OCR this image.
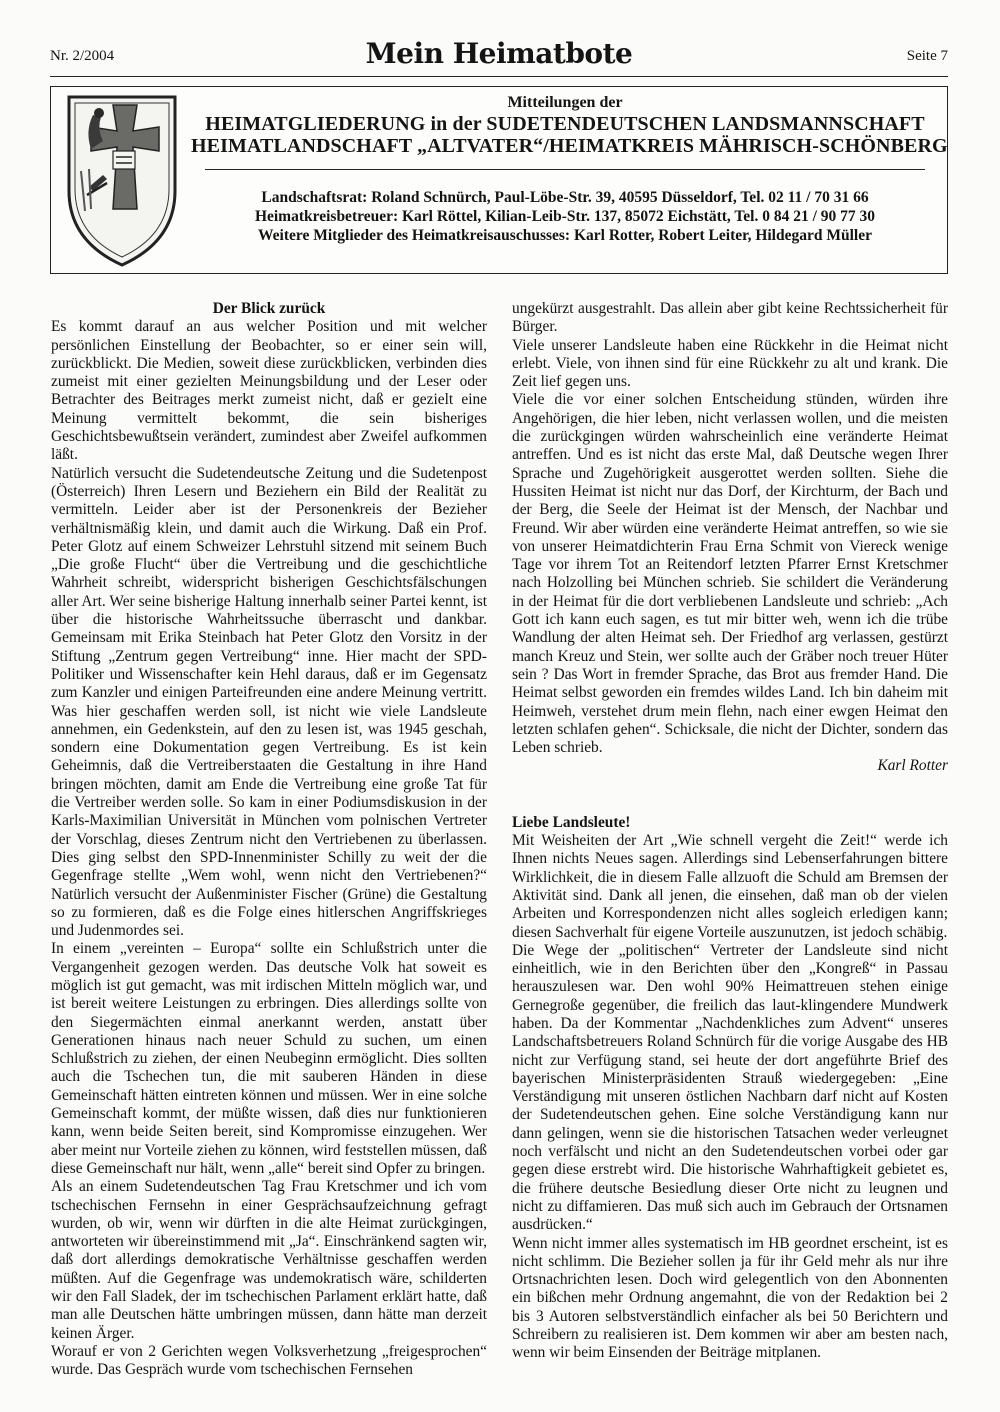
Nr. 2/2004	Mein Heimatbote	Seite 7
Mitteilungen der
HEIMATGLIEDERUNG in der SUDETENDEUTSCHEN LANDSMANNSCHAFT
HEIMATLANDSCHAFT „ALTVATER“/HEIMATKREIS MÄHRISCH-SCHÖNBERG
Landschaftsrat: Roland Schnürch, Paul-Löbe-Str. 39, 40595 Düsseldorf, Tel. 02 11 / 70 31 66
Heimatkreisbetreuer: Karl Röttel, Kilian-Leib-Str. 137, 85072 Eichstätt, Tel. 0 84 21 / 90 77 30
Weitere Mitglieder des Heimatkreisauschusses: Karl Rotter, Robert Leiter, Hildegard Müller
Der Blick zurück

Es kommt darauf an aus welcher Position und mit welcher persönlichen Einstellung der Beobachter, so er einer sein will, zurückblickt. Die Medien, soweit diese zurückblicken, verbinden dies zumeist mit einer gezielten Meinungsbildung und der Leser oder Betrachter des Beitrages merkt zumeist nicht, daß er gezielt eine Meinung vermittelt bekommt, die sein bisheriges Geschichtsbewußtsein verändert, zumindest aber Zweifel aufkommen läßt.

Natürlich versucht die Sudetendeutsche Zeitung und die Sudetenpost (Österreich) Ihren Lesern und Beziehern ein Bild der Realität zu vermitteln. Leider aber ist der Personenkreis der Bezieher verhältnismäßig klein, und damit auch die Wirkung. Daß ein Prof. Peter Glotz auf einem Schweizer Lehrstuhl sitzend mit seinem Buch „Die große Flucht“ über die Vertreibung und die geschichtliche Wahrheit schreibt, widerspricht bisherigen Geschichtsfälschungen aller Art. Wer seine bisherige Haltung innerhalb seiner Partei kennt, ist über die historische Wahrheitssuche überrascht und dankbar. Gemeinsam mit Erika Steinbach hat Peter Glotz den Vorsitz in der Stiftung „Zentrum gegen Vertreibung“ inne. Hier macht der SPD-Politiker und Wissenschafter kein Hehl daraus, daß er im Gegensatz zum Kanzler und einigen Parteifreunden eine andere Meinung vertritt. Was hier geschaffen werden soll, ist nicht wie viele Landsleute annehmen, ein Gedenkstein, auf den zu lesen ist, was 1945 geschah, sondern eine Dokumentation gegen Vertreibung. Es ist kein Geheimnis, daß die Vertreiberstaaten die Gestaltung in ihre Hand bringen möchten, damit am Ende die Vertreibung eine große Tat für die Vertreiber werden solle. So kam in einer Podiumsdiskusion in der Karls-Maximilian Universität in München vom polnischen Vertreter der Vorschlag, dieses Zentrum nicht den Vertriebenen zu überlassen. Dies ging selbst den SPD-Innenminister Schilly zu weit der die Gegenfrage stellte „Wem wohl, wenn nicht den Vertriebenen?“ Natürlich versucht der Außenminister Fischer (Grüne) die Gestaltung so zu formieren, daß es die Folge eines hitlerschen Angriffskrieges und Judenmordes sei.

In einem „vereinten – Europa“ sollte ein Schlußstrich unter die Vergangenheit gezogen werden. Das deutsche Volk hat soweit es möglich ist gut gemacht, was mit irdischen Mitteln möglich war, und ist bereit weitere Leistungen zu erbringen. Dies allerdings sollte von den Siegermächten einmal anerkannt werden, anstatt über Generationen hinaus nach neuer Schuld zu suchen, um einen Schlußstrich zu ziehen, der einen Neubeginn ermöglicht. Dies sollten auch die Tschechen tun, die mit sauberen Händen in diese Gemeinschaft hätten eintreten können und müssen. Wer in eine solche Gemeinschaft kommt, der müßte wissen, daß dies nur funktionieren kann, wenn beide Seiten bereit, sind Kompromisse einzugehen. Wer aber meint nur Vorteile ziehen zu können, wird feststellen müssen, daß diese Gemeinschaft nur hält, wenn „alle“ bereit sind Opfer zu bringen.

Als an einem Sudetendeutschen Tag Frau Kretschmer und ich vom tschechischen Fernsehn in einer Gesprächsaufzeichnung gefragt wurden, ob wir, wenn wir dürften in die alte Heimat zurückgingen, antworteten wir übereinstimmend mit „Ja“. Einschränkend sagten wir, daß dort allerdings demokratische Verhältnisse geschaffen werden müßten. Auf die Gegenfrage was undemokratisch wäre, schilderten wir den Fall Sladek, der im tschechischen Parlament erklärt hatte, daß man alle Deutschen hätte umbringen müssen, dann hätte man derzeit keinen Ärger.

Worauf er von 2 Gerichten wegen Volksverhetzung „freigesprochen“ wurde. Das Gespräch wurde vom tschechischen Fernsehen

ungekürzt ausgestrahlt. Das allein aber gibt keine Rechtssicherheit für Bürger.

Viele unserer Landsleute haben eine Rückkehr in die Heimat nicht erlebt. Viele, von ihnen sind für eine Rückkehr zu alt und krank. Die Zeit lief gegen uns.

Viele die vor einer solchen Entscheidung stünden, würden ihre Angehörigen, die hier leben, nicht verlassen wollen, und die meisten die zurückgingen würden wahrscheinlich eine veränderte Heimat antreffen. Und es ist nicht das erste Mal, daß Deutsche wegen Ihrer Sprache und Zugehörigkeit ausgerottet werden sollten. Siehe die Hussiten Heimat ist nicht nur das Dorf, der Kirchturm, der Bach und der Berg, die Seele der Heimat ist der Mensch, der Nachbar und Freund. Wir aber würden eine veränderte Heimat antreffen, so wie sie von unserer Heimatdichterin Frau Erna Schmit von Viereck wenige Tage vor ihrem Tot an Reitendorf letzten Pfarrer Ernst Kretschmer nach Holzolling bei München schrieb. Sie schildert die Veränderung in der Heimat für die dort verbliebenen Landsleute und schrieb: „Ach Gott ich kann euch sagen, es tut mir bitter weh, wenn ich die trübe Wandlung der alten Heimat seh. Der Friedhof arg verlassen, gestürzt manch Kreuz und Stein, wer sollte auch der Gräber noch treuer Hüter sein ? Das Wort in fremder Sprache, das Brot aus fremder Hand. Die Heimat selbst geworden ein fremdes wildes Land. Ich bin daheim mit Heimweh, verstehet drum mein flehn, nach einer ewgen Heimat den letzten schlafen gehen“. Schicksale, die nicht der Dichter, sondern das Leben schrieb.

Karl Rotter

Liebe Landsleute!

Mit Weisheiten der Art „Wie schnell vergeht die Zeit!“ werde ich Ihnen nichts Neues sagen. Allerdings sind Lebenserfahrungen bittere Wirklichkeit, die in diesem Falle allzuoft die Schuld am Bremsen der Aktivität sind. Dank all jenen, die einsehen, daß man ob der vielen Arbeiten und Korrespondenzen nicht alles sogleich erledigen kann; diesen Sachverhalt für eigene Vorteile auszunutzen, ist jedoch schäbig.

Die Wege der „politischen“ Vertreter der Landsleute sind nicht einheitlich, wie in den Berichten über den „Kongreß“ in Passau herauszulesen war. Den wohl 90% Heimattreuen stehen einige Gernegroße gegenüber, die freilich das laut-klingendere Mundwerk haben. Da der Kommentar „Nachdenkliches zum Advent“ unseres Landschaftsbetreuers Roland Schnürch für die vorige Ausgabe des HB nicht zur Verfügung stand, sei heute der dort angeführte Brief des bayerischen Ministerpräsidenten Strauß wiedergegeben: „Eine Verständigung mit unseren östlichen Nachbarn darf nicht auf Kosten der Sudetendeutschen gehen. Eine solche Verständigung kann nur dann gelingen, wenn sie die historischen Tatsachen weder verleugnet noch verfälscht und nicht an den Sudetendeutschen vorbei oder gar gegen diese erstrebt wird. Die historische Wahrhaftigkeit gebietet es, die frühere deutsche Besiedlung dieser Orte nicht zu leugnen und nicht zu diffamieren. Das muß sich auch im Gebrauch der Ortsnamen ausdrücken.“

Wenn nicht immer alles systematisch im HB geordnet erscheint, ist es nicht schlimm. Die Bezieher sollen ja für ihr Geld mehr als nur ihre Ortsnachrichten lesen. Doch wird gelegentlich von den Abonnenten ein bißchen mehr Ordnung angemahnt, die von der Redaktion bei 2 bis 3 Autoren selbstverständlich einfacher als bei 50 Berichtern und Schreibern zu realisieren ist. Dem kommen wir aber am besten nach, wenn wir beim Einsenden der Beiträge mitplanen.
